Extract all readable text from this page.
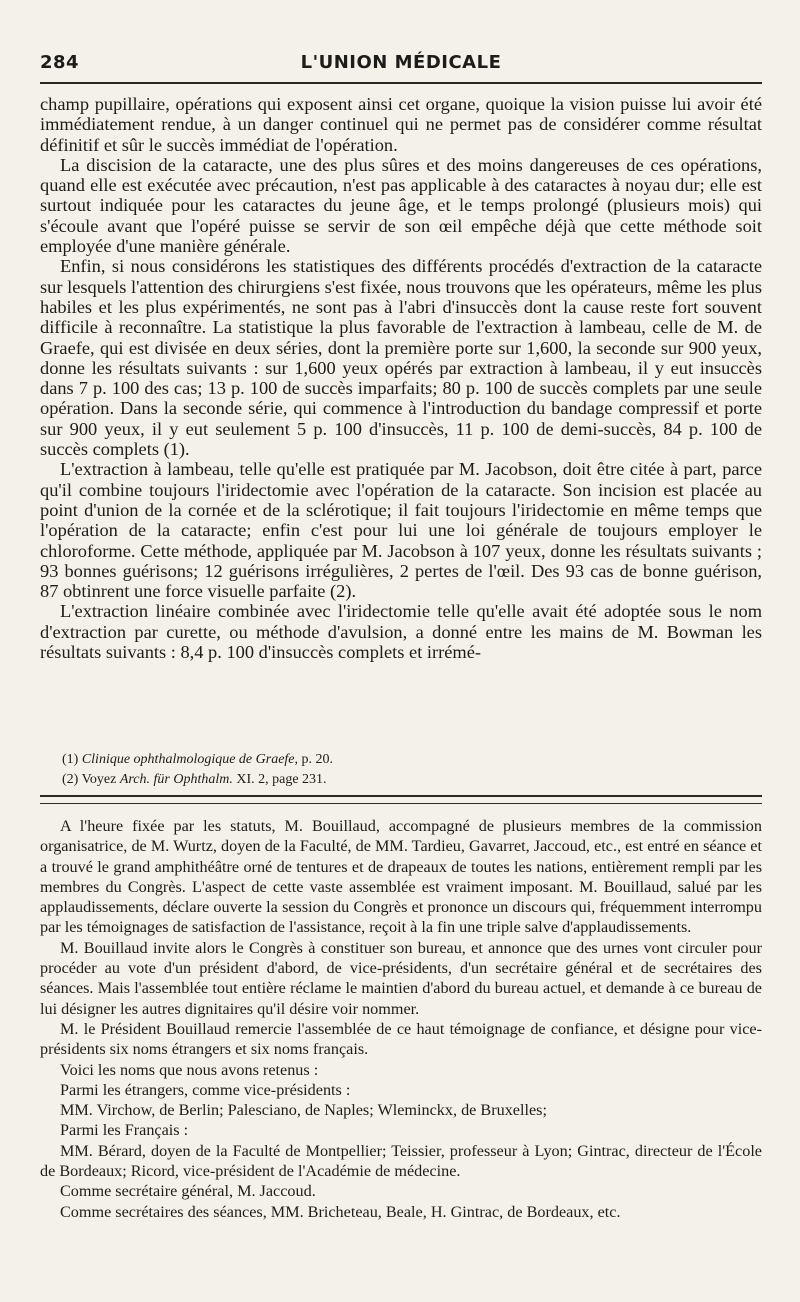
284	L'UNION MÉDICALE

champ pupillaire, opérations qui exposent ainsi cet organe, quoique la vision puisse lui avoir été immédiatement rendue, à un danger continuel qui ne permet pas de considérer comme résultat définitif et sûr le succès immédiat de l'opération.

La discision de la cataracte, une des plus sûres et des moins dangereuses de ces opérations, quand elle est exécutée avec précaution, n'est pas applicable à des cataractes à noyau dur; elle est surtout indiquée pour les cataractes du jeune âge, et le temps prolongé (plusieurs mois) qui s'écoule avant que l'opéré puisse se servir de son œil empêche déjà que cette méthode soit employée d'une manière générale.

Enfin, si nous considérons les statistiques des différents procédés d'extraction de la cataracte sur lesquels l'attention des chirurgiens s'est fixée, nous trouvons que les opérateurs, même les plus habiles et les plus expérimentés, ne sont pas à l'abri d'insuccès dont la cause reste fort souvent difficile à reconnaître. La statistique la plus favorable de l'extraction à lambeau, celle de M. de Graefe, qui est divisée en deux séries, dont la première porte sur 1,600, la seconde sur 900 yeux, donne les résultats suivants : sur 1,600 yeux opérés par extraction à lambeau, il y eut insuccès dans 7 p. 100 des cas; 13 p. 100 de succès imparfaits; 80 p. 100 de succès complets par une seule opération. Dans la seconde série, qui commence à l'introduction du bandage compressif et porte sur 900 yeux, il y eut seulement 5 p. 100 d'insuccès, 11 p. 100 de demi-succès, 84 p. 100 de succès complets (1).

L'extraction à lambeau, telle qu'elle est pratiquée par M. Jacobson, doit être citée à part, parce qu'il combine toujours l'iridectomie avec l'opération de la cataracte. Son incision est placée au point d'union de la cornée et de la sclérotique; il fait toujours l'iridectomie en même temps que l'opération de la cataracte; enfin c'est pour lui une loi générale de toujours employer le chloroforme. Cette méthode, appliquée par M. Jacobson à 107 yeux, donne les résultats suivants ; 93 bonnes guérisons; 12 guérisons irrégulières, 2 pertes de l'œil. Des 93 cas de bonne guérison, 87 obtinrent une force visuelle parfaite (2).

L'extraction linéaire combinée avec l'iridectomie telle qu'elle avait été adoptée sous le nom d'extraction par curette, ou méthode d'avulsion, a donné entre les mains de M. Bowman les résultats suivants : 8,4 p. 100 d'insuccès complets et irrémé-

(1) Clinique ophthalmologique de Graefe, p. 20.

(2) Voyez Arch. für Ophthalm. XI. 2, page 231.

A l'heure fixée par les statuts, M. Bouillaud, accompagné de plusieurs membres de la commission organisatrice, de M. Wurtz, doyen de la Faculté, de MM. Tardieu, Gavarret, Jaccoud, etc., est entré en séance et a trouvé le grand amphithéâtre orné de tentures et de drapeaux de toutes les nations, entièrement rempli par les membres du Congrès. L'aspect de cette vaste assemblée est vraiment imposant. M. Bouillaud, salué par les applaudissements, déclare ouverte la session du Congrès et prononce un discours qui, fréquemment interrompu par les témoignages de satisfaction de l'assistance, reçoit à la fin une triple salve d'applaudissements.

M. Bouillaud invite alors le Congrès à constituer son bureau, et annonce que des urnes vont circuler pour procéder au vote d'un président d'abord, de vice-présidents, d'un secrétaire général et de secrétaires des séances. Mais l'assemblée tout entière réclame le maintien d'abord du bureau actuel, et demande à ce bureau de lui désigner les autres dignitaires qu'il désire voir nommer.

M. le Président Bouillaud remercie l'assemblée de ce haut témoignage de confiance, et désigne pour vice-présidents six noms étrangers et six noms français.

Voici les noms que nous avons retenus :

Parmi les étrangers, comme vice-présidents :

MM. Virchow, de Berlin; Palesciano, de Naples; Wleminckx, de Bruxelles;

Parmi les Français :

MM. Bérard, doyen de la Faculté de Montpellier; Teissier, professeur à Lyon; Gintrac, directeur de l'École de Bordeaux; Ricord, vice-président de l'Académie de médecine.

Comme secrétaire général, M. Jaccoud.

Comme secrétaires des séances, MM. Bricheteau, Beale, H. Gintrac, de Bordeaux, etc.
